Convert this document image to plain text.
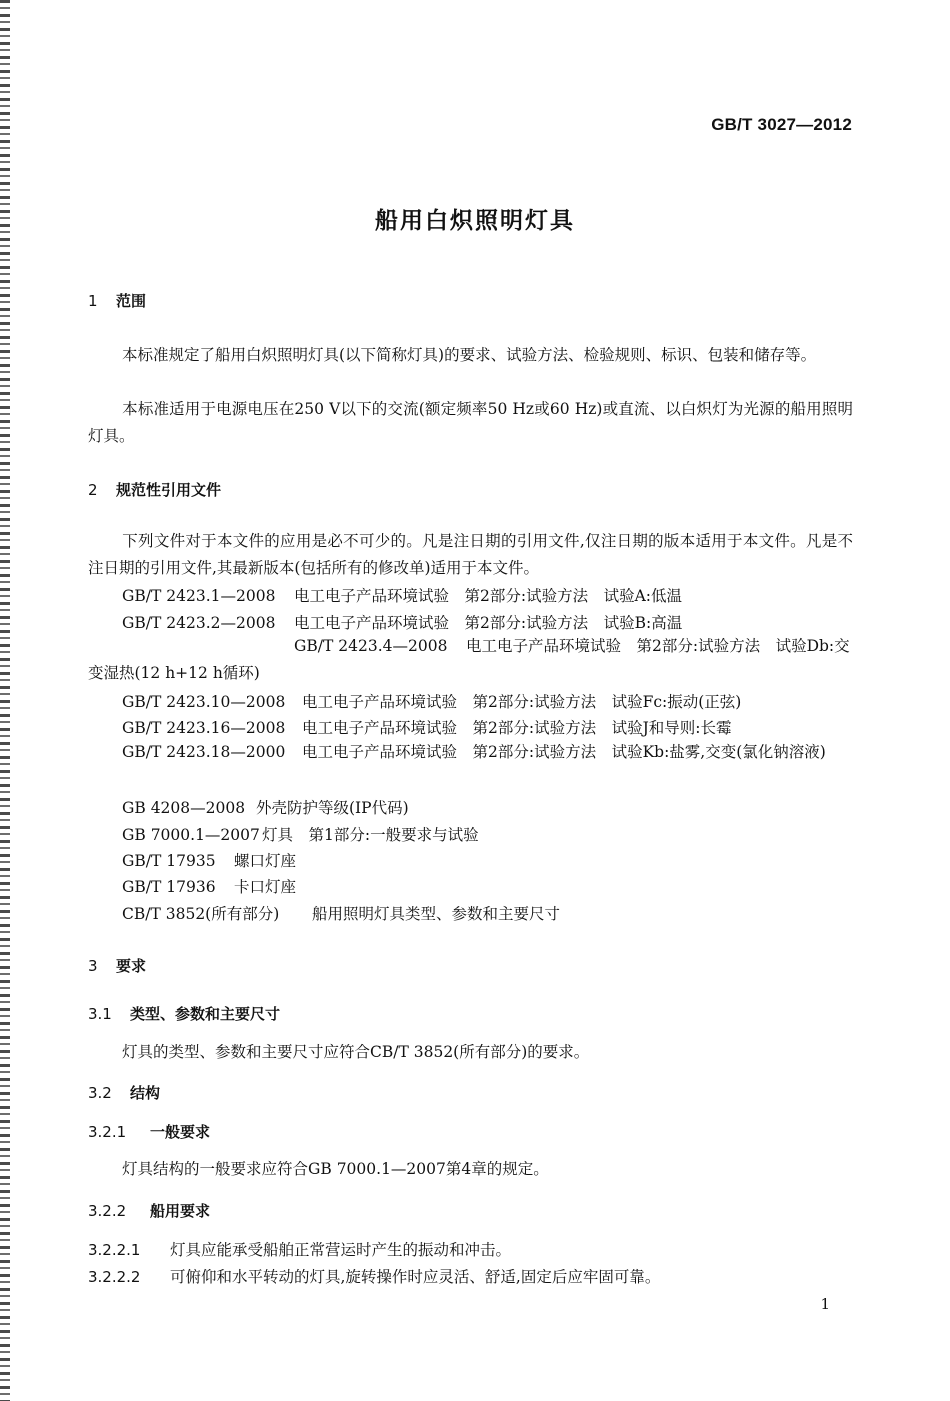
GB/T 3027—2012
船用白炽照明灯具
1 范围
本标准规定了船用白炽照明灯具(以下简称灯具)的要求、试验方法、检验规则、标识、包装和储存等。
本标准适用于电源电压在250 V以下的交流(额定频率50 Hz或60 Hz)或直流、以白炽灯为光源的船用照明灯具。
2 规范性引用文件
下列文件对于本文件的应用是必不可少的。凡是注日期的引用文件,仅注日期的版本适用于本文件。凡是不注日期的引用文件,其最新版本(包括所有的修改单)适用于本文件。
GB/T 2423.1—2008 电工电子产品环境试验　第2部分:试验方法　试验A:低温
GB/T 2423.2—2008 电工电子产品环境试验　第2部分:试验方法　试验B:高温
GB/T 2423.4—2008 电工电子产品环境试验　第2部分:试验方法　试验Db:交变湿热(12 h+12 h循环)
GB/T 2423.10—2008 电工电子产品环境试验　第2部分:试验方法　试验Fc:振动(正弦)
GB/T 2423.16—2008 电工电子产品环境试验　第2部分:试验方法　试验J和导则:长霉
GB/T 2423.18—2000 电工电子产品环境试验　第2部分:试验方法　试验Kb:盐雾,交变(氯化钠溶液)
GB 4208—2008 外壳防护等级(IP代码)
GB 7000.1—2007 灯具　第1部分:一般要求与试验
GB/T 17935 螺口灯座
GB/T 17936 卡口灯座
CB/T 3852(所有部分) 船用照明灯具类型、参数和主要尺寸
3 要求
3.1 类型、参数和主要尺寸
灯具的类型、参数和主要尺寸应符合CB/T 3852(所有部分)的要求。
3.2 结构
3.2.1 一般要求
灯具结构的一般要求应符合GB 7000.1—2007第4章的规定。
3.2.2 船用要求
3.2.2.1 灯具应能承受船舶正常营运时产生的振动和冲击。
3.2.2.2 可俯仰和水平转动的灯具,旋转操作时应灵活、舒适,固定后应牢固可靠。
1
